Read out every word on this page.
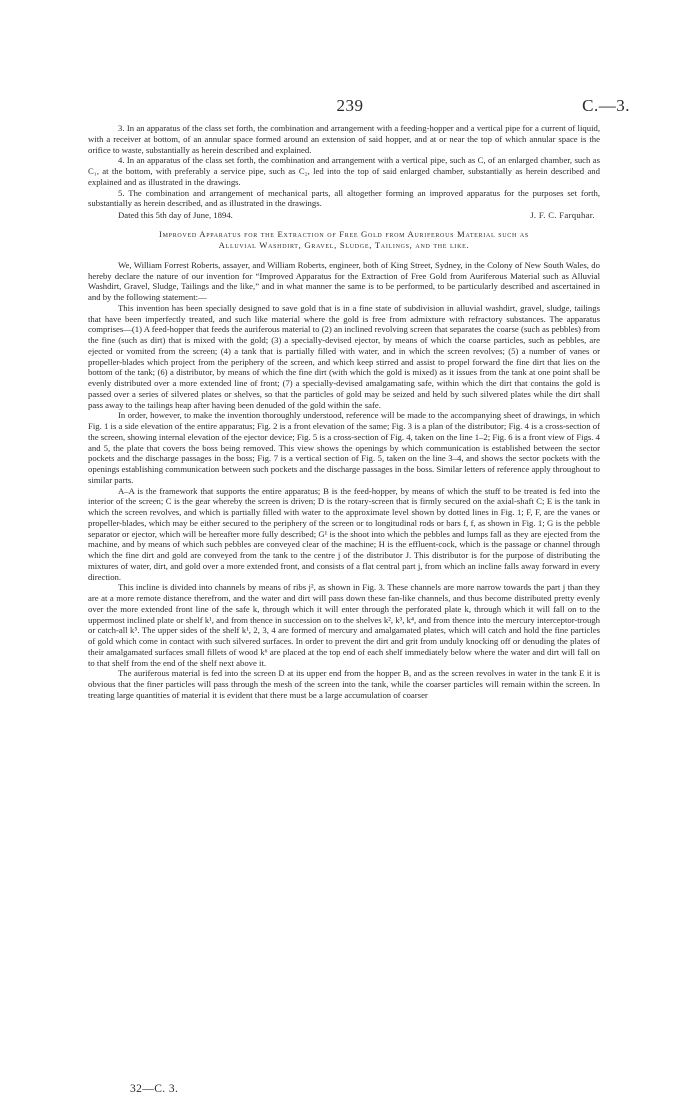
239	C.—3.

3. In an apparatus of the class set forth, the combination and arrangement with a feeding-hopper and a vertical pipe for a current of liquid, with a receiver at bottom, of an annular space formed around an extension of said hopper, and at or near the top of which annular space is the orifice to waste, substantially as herein described and explained.

4. In an apparatus of the class set forth, the combination and arrangement with a vertical pipe, such as C, of an enlarged chamber, such as C₁, at the bottom, with preferably a service pipe, such as C₂, led into the top of said enlarged chamber, substantially as herein described and explained and as illustrated in the drawings.

5. The combination and arrangement of mechanical parts, all altogether forming an improved apparatus for the purposes set forth, substantially as herein described, and as illustrated in the drawings.

Dated this 5th day of June, 1894.	J. F. C. Farquhar.
Improved Apparatus for the Extraction of Free Gold from Auriferous Material such as
Alluvial Washdirt, Gravel, Sludge, Tailings, and the like.

We, William Forrest Roberts, assayer, and William Roberts, engineer, both of King Street, Sydney, in the Colony of New South Wales, do hereby declare the nature of our invention for “Improved Apparatus for the Extraction of Free Gold from Auriferous Material such as Alluvial Washdirt, Gravel, Sludge, Tailings and the like,” and in what manner the same is to be performed, to be particularly described and ascertained in and by the following statement:—

This invention has been specially designed to save gold that is in a fine state of subdivision in alluvial washdirt, gravel, sludge, tailings that have been imperfectly treated, and such like material where the gold is free from admixture with refractory substances. The apparatus comprises—(1) A feed-hopper that feeds the auriferous material to (2) an inclined revolving screen that separates the coarse (such as pebbles) from the fine (such as dirt) that is mixed with the gold; (3) a specially-devised ejector, by means of which the coarse particles, such as pebbles, are ejected or vomited from the screen; (4) a tank that is partially filled with water, and in which the screen revolves; (5) a number of vanes or propeller-blades which project from the periphery of the screen, and which keep stirred and assist to propel forward the fine dirt that lies on the bottom of the tank; (6) a distributor, by means of which the fine dirt (with which the gold is mixed) as it issues from the tank at one point shall be evenly distributed over a more extended line of front; (7) a specially-devised amalgamating safe, within which the dirt that contains the gold is passed over a series of silvered plates or shelves, so that the particles of gold may be seized and held by such silvered plates while the dirt shall pass away to the tailings heap after having been denuded of the gold within the safe.

In order, however, to make the invention thoroughly understood, reference will be made to the accompanying sheet of drawings, in which Fig. 1 is a side elevation of the entire apparatus; Fig. 2 is a front elevation of the same; Fig. 3 is a plan of the distributor; Fig. 4 is a cross-section of the screen, showing internal elevation of the ejector device; Fig. 5 is a cross-section of Fig. 4, taken on the line 1–2; Fig. 6 is a front view of Figs. 4 and 5, the plate that covers the boss being removed. This view shows the openings by which communication is established between the sector pockets and the discharge passages in the boss; Fig. 7 is a vertical section of Fig. 5, taken on the line 3–4, and shows the sector pockets with the openings establishing communication between such pockets and the discharge passages in the boss. Similar letters of reference apply throughout to similar parts.

A–A is the framework that supports the entire apparatus; B is the feed-hopper, by means of which the stuff to be treated is fed into the interior of the screen; C is the gear whereby the screen is driven; D is the rotary-screen that is firmly secured on the axial-shaft C; E is the tank in which the screen revolves, and which is partially filled with water to the approximate level shown by dotted lines in Fig. 1; F, F, are the vanes or propeller-blades, which may be either secured to the periphery of the screen or to longitudinal rods or bars f, f, as shown in Fig. 1; G is the pebble separator or ejector, which will be hereafter more fully described; G¹ is the shoot into which the pebbles and lumps fall as they are ejected from the machine, and by means of which such pebbles are conveyed clear of the machine; H is the effluent-cock, which is the passage or channel through which the fine dirt and gold are conveyed from the tank to the centre j of the distributor J. This distributor is for the purpose of distributing the mixtures of water, dirt, and gold over a more extended front, and consists of a flat central part j, from which an incline falls away forward in every direction.

This incline is divided into channels by means of ribs j², as shown in Fig. 3. These channels are more narrow towards the part j than they are at a more remote distance therefrom, and the water and dirt will pass down these fan-like channels, and thus become distributed pretty evenly over the more extended front line of the safe k, through which it will enter through the perforated plate k, through which it will fall on to the uppermost inclined plate or shelf k¹, and from thence in succession on to the shelves k², k³, k⁴, and from thence into the mercury interceptor-trough or catch-all k⁵. The upper sides of the shelf k¹, 2, 3, 4 are formed of mercury and amalgamated plates, which will catch and hold the fine particles of gold which come in contact with such silvered surfaces. In order to prevent the dirt and grit from unduly knocking off or denuding the plates of their amalgamated surfaces small fillets of wood k⁶ are placed at the top end of each shelf immediately below where the water and dirt will fall on to that shelf from the end of the shelf next above it.

The auriferous material is fed into the screen D at its upper end from the hopper B, and as the screen revolves in water in the tank E it is obvious that the finer particles will pass through the mesh of the screen into the tank, while the coarser particles will remain within the screen. In treating large quantities of material it is evident that there must be a large accumulation of coarser

32—C. 3.
